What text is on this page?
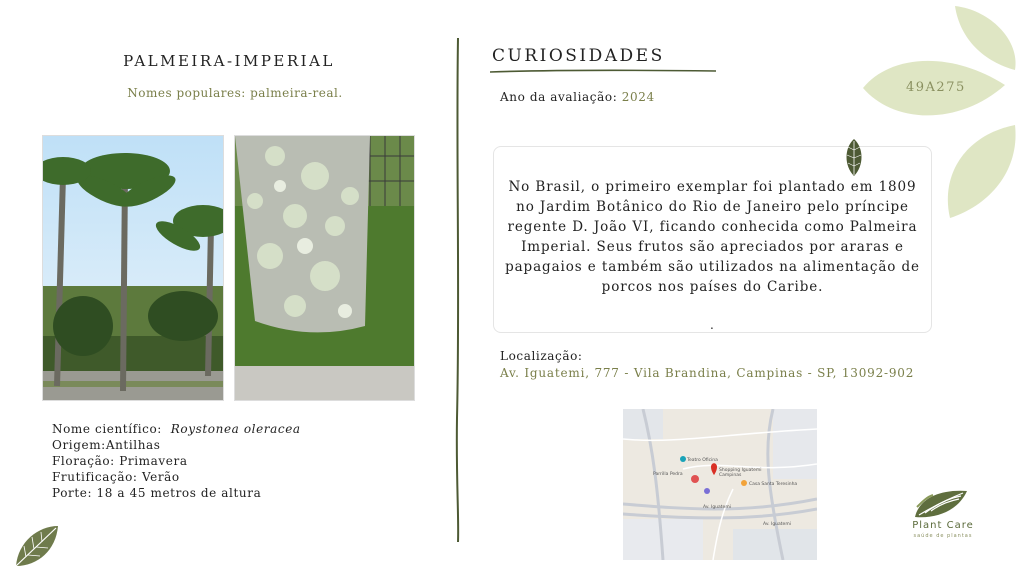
49A275
PALMEIRA-IMPERIAL
Nomes populares: palmeira-real.
Nome científico: Roystonea oleracea
Origem:Antilhas
Floração: Primavera
Frutificação: Verão
Porte: 18 a 45 metros de altura
CURIOSIDADES
Ano da avaliação: 2024
No Brasil, o primeiro exemplar foi plantado em 1809 no Jardim Botânico do Rio de Janeiro pelo príncipe regente D. João VI, ficando conhecida como Palmeira Imperial. Seus frutos são apreciados por araras e papagaios e também são utilizados na alimentação de porcos nos países do Caribe.
.
Localização:
Av. Iguatemi, 777 - Vila Brandina, Campinas - SP, 13092-902
Teatro Oficina
Shopping Iguatemi
Campinas
Casa Santa Teresinha
Parrilla Pedra
Av. Iguatemi
Av. Iguatemi
Plant Care
saúde de plantas
